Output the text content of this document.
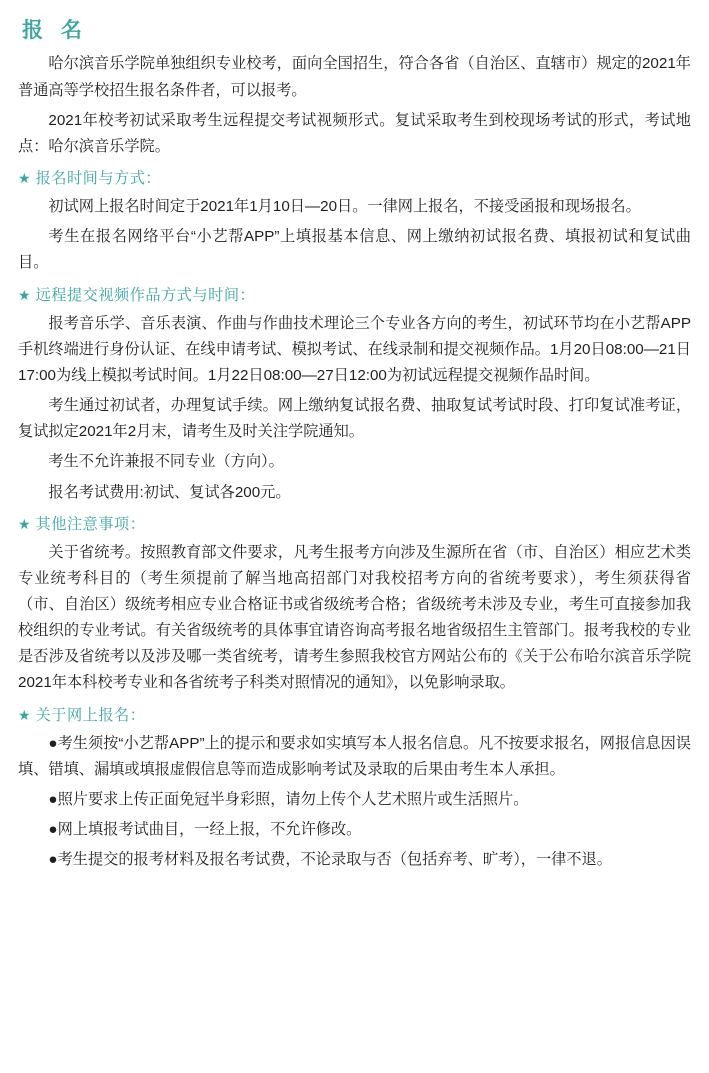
报 名

哈尔滨音乐学院单独组织专业校考，面向全国招生，符合各省（自治区、直辖市）规定的2021年普通高等学校招生报名条件者，可以报考。

2021年校考初试采取考生远程提交考试视频形式。复试采取考生到校现场考试的形式，考试地点：哈尔滨音乐学院。

★ 报名时间与方式：

初试网上报名时间定于2021年1月10日—20日。一律网上报名，不接受函报和现场报名。

考生在报名网络平台“小艺帮APP”上填报基本信息、网上缴纳初试报名费、填报初试和复试曲目。

★ 远程提交视频作品方式与时间：

报考音乐学、音乐表演、作曲与作曲技术理论三个专业各方向的考生，初试环节均在小艺帮APP手机终端进行身份认证、在线申请考试、模拟考试、在线录制和提交视频作品。1月20日08:00—21日17:00为线上模拟考试时间。1月22日08:00—27日12:00为初试远程提交视频作品时间。

考生通过初试者，办理复试手续。网上缴纳复试报名费、抽取复试考试时段、打印复试准考证，复试拟定2021年2月末，请考生及时关注学院通知。

考生不允许兼报不同专业（方向）。

报名考试费用:初试、复试各200元。

★ 其他注意事项：

关于省统考。按照教育部文件要求，凡考生报考方向涉及生源所在省（市、自治区）相应艺术类专业统考科目的（考生须提前了解当地高招部门对我校招考方向的省统考要求），考生须获得省（市、自治区）级统考相应专业合格证书或省级统考合格；省级统考未涉及专业，考生可直接参加我校组织的专业考试。有关省级统考的具体事宜请咨询高考报名地省级招生主管部门。报考我校的专业是否涉及省统考以及涉及哪一类省统考，请考生参照我校官方网站公布的《关于公布哈尔滨音乐学院2021年本科校考专业和各省统考子科类对照情况的通知》，以免影响录取。

★ 关于网上报名：

●考生须按“小艺帮APP”上的提示和要求如实填写本人报名信息。凡不按要求报名，网报信息因误填、错填、漏填或填报虚假信息等而造成影响考试及录取的后果由考生本人承担。

●照片要求上传正面免冠半身彩照，请勿上传个人艺术照片或生活照片。

●网上填报考试曲目，一经上报，不允许修改。

●考生提交的报考材料及报名考试费，不论录取与否（包括弃考、旷考），一律不退。
